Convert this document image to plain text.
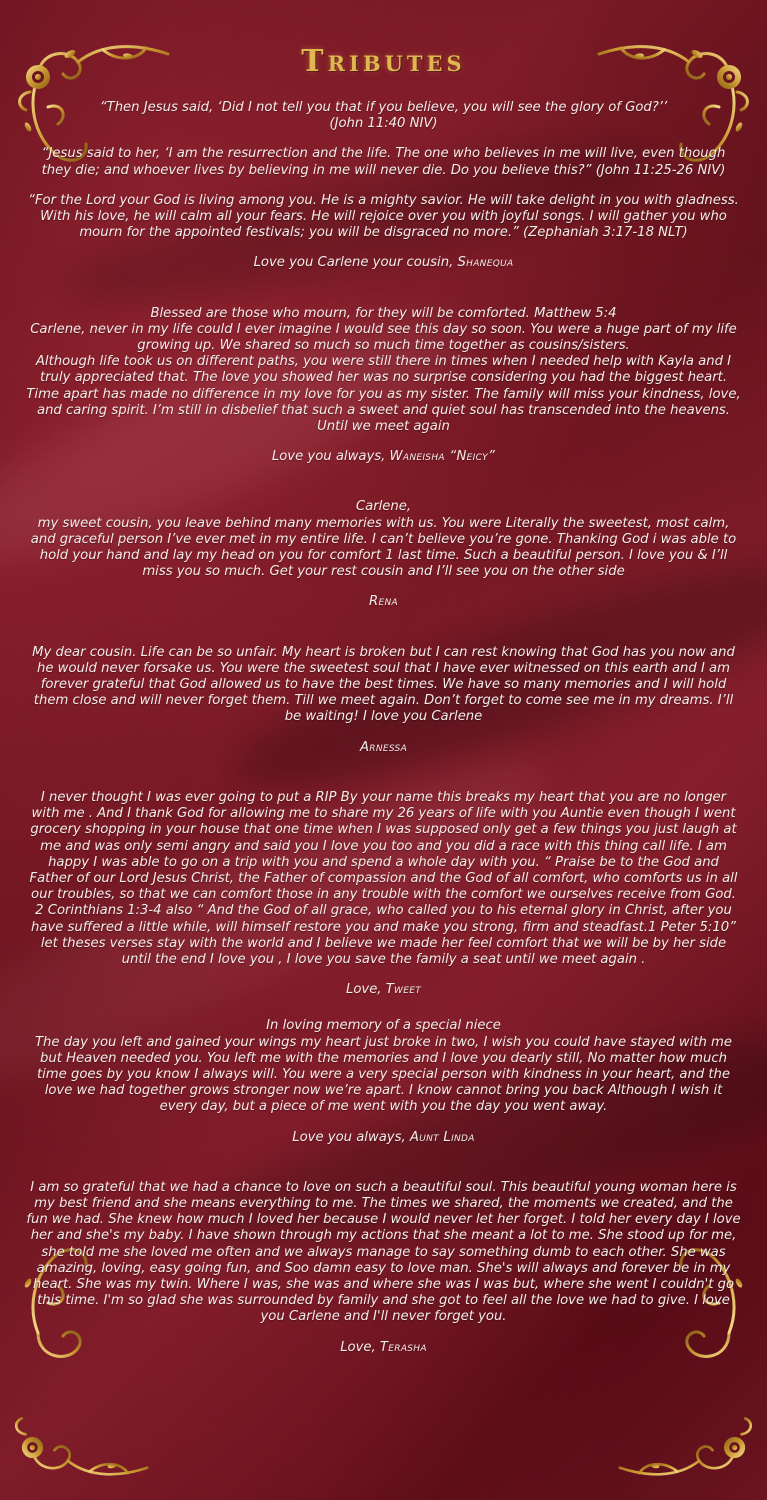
Tributes

“Then Jesus said, ‘Did I not tell you that if you believe, you will see the glory of God?’’
(John 11:40 NIV)

“Jesus said to her, ‘I am the resurrection and the life. The one who believes in me will live, even though they die; and whoever lives by believing in me will never die. Do you believe this?” (John 11:25-26 NIV)

“For the Lord your God is living among you. He is a mighty savior. He will take delight in you with gladness. With his love, he will calm all your fears. He will rejoice over you with joyful songs. I will gather you who mourn for the appointed festivals; you will be disgraced no more.” (Zephaniah 3:17-18 NLT)

Love you Carlene your cousin, Shanequa

Blessed are those who mourn, for they will be comforted. Matthew 5:4
Carlene, never in my life could I ever imagine I would see this day so soon. You were a huge part of my life growing up. We shared so much so much time together as cousins/sisters.
Although life took us on different paths, you were still there in times when I needed help with Kayla and I truly appreciated that. The love you showed her was no surprise considering you had the biggest heart. Time apart has made no difference in my love for you as my sister. The family will miss your kindness, love, and caring spirit. I’m still in disbelief that such a sweet and quiet soul has transcended into the heavens.
Until we meet again

Love you always, Waneisha “Neicy”

Carlene,
my sweet cousin, you leave behind many memories with us. You were Literally the sweetest, most calm, and graceful person I’ve ever met in my entire life. I can’t believe you’re gone. Thanking God i was able to hold your hand and lay my head on you for comfort 1 last time. Such a beautiful person. I love you & I’ll miss you so much. Get your rest cousin and I’ll see you on the other side

Rena

My dear cousin. Life can be so unfair. My heart is broken but I can rest knowing that God has you now and he would never forsake us. You were the sweetest soul that I have ever witnessed on this earth and I am forever grateful that God allowed us to have the best times. We have so many memories and I will hold them close and will never forget them. Till we meet again. Don’t forget to come see me in my dreams. I’ll be waiting! I love you Carlene

Arnessa

I never thought I was ever going to put a RIP By your name this breaks my heart that you are no longer with me . And I thank God for allowing me to share my 26 years of life with you Auntie even though I went grocery shopping in your house that one time when I was supposed only get a few things you just laugh at me and was only semi angry and said you I love you too and you did a race with this thing call life. I am happy I was able to go on a trip with you and spend a whole day with you. “ Praise be to the God and Father of our Lord Jesus Christ, the Father of compassion and the God of all comfort, who comforts us in all our troubles, so that we can comfort those in any trouble with the comfort we ourselves receive from God. 2 Corinthians 1:3-4 also “ And the God of all grace, who called you to his eternal glory in Christ, after you have suffered a little while, will himself restore you and make you strong, firm and steadfast.1 Peter 5:10” let theses verses stay with the world and I believe we made her feel comfort that we will be by her side until the end I love you , I love you save the family a seat until we meet again .

Love, Tweet

In loving memory of a special niece
The day you left and gained your wings my heart just broke in two, I wish you could have stayed with me but Heaven needed you. You left me with the memories and I love you dearly still, No matter how much time goes by you know I always will. You were a very special person with kindness in your heart, and the love we had together grows stronger now we’re apart. I know cannot bring you back Although I wish it every day, but a piece of me went with you the day you went away.

Love you always, Aunt Linda

I am so grateful that we had a chance to love on such a beautiful soul. This beautiful young woman here is my best friend and she means everything to me. The times we shared, the moments we created, and the fun we had. She knew how much I loved her because I would never let her forget. I told her every day I love her and she's my baby. I have shown through my actions that she meant a lot to me. She stood up for me, she told me she loved me often and we always manage to say something dumb to each other. She was amazing, loving, easy going fun, and Soo damn easy to love man. She's will always and forever be in my heart. She was my twin. Where I was, she was and where she was I was but, where she went I couldn't go this time. I'm so glad she was surrounded by family and she got to feel all the love we had to give. I love you Carlene and I'll never forget you.

Love, Terasha
